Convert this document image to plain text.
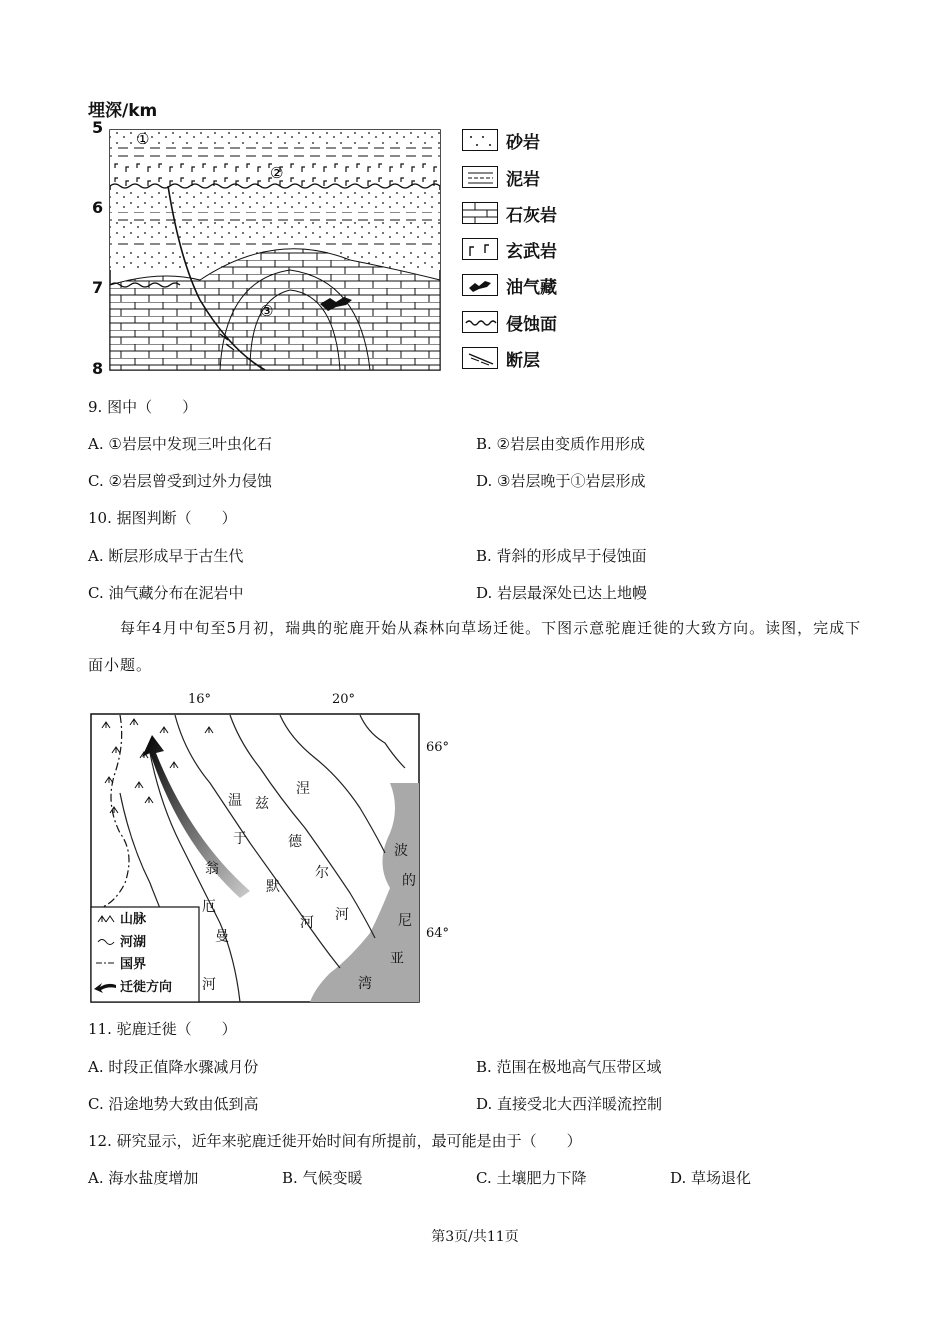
埋深/km
5
6
7
8
①
②
③
砂岩
泥岩
石灰岩
玄武岩
油气藏
侵蚀面
断层
9. 图中（　　）
A. ①岩层中发现三叶虫化石	B. ②岩层由变质作用形成
C. ②岩层曾受到过外力侵蚀	D. ③岩层晚于①岩层形成
10. 据图判断（　　）
A. 断层形成早于古生代	B. 背斜的形成早于侵蚀面
C. 油气藏分布在泥岩中	D. 岩层最深处已达上地幔
每年4月中旬至5月初，瑞典的驼鹿开始从森林向草场迁徙。下图示意驼鹿迁徙的大致方向。读图，完成下面小题。
16°	20°
66°
64°
涅
兹
温
德
尔
河
于
默
河
翁
厄
曼
河
波
的
尼
亚
湾
山脉
河湖
国界
迁徙方向
11. 驼鹿迁徙（　　）
A. 时段正值降水骤减月份	B. 范围在极地高气压带区域
C. 沿途地势大致由低到高	D. 直接受北大西洋暖流控制
12. 研究显示，近年来驼鹿迁徙开始时间有所提前，最可能是由于（　　）
A. 海水盐度增加	B. 气候变暖	C. 土壤肥力下降	D. 草场退化
第3页/共11页
